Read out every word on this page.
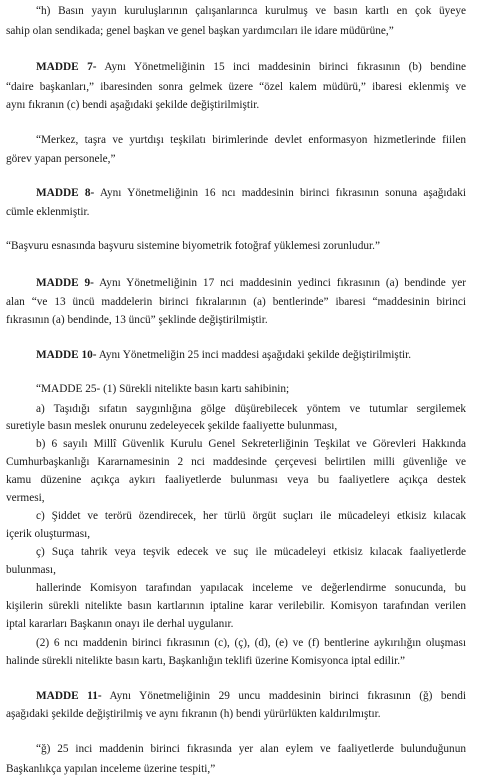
“h) Basın yayın kuruluşlarının çalışanlarınca kurulmuş ve basın kartlı en çok üyeye
sahip olan sendikada; genel başkan ve genel başkan yardımcıları ile idare müdürüne,”
MADDE 7- Aynı Yönetmeliğinin 15 inci maddesinin birinci fıkrasının (b) bendine
“daire başkanları,” ibaresinden sonra gelmek üzere “özel kalem müdürü,” ibaresi eklenmiş ve
aynı fıkranın (c) bendi aşağıdaki şekilde değiştirilmiştir.
“Merkez, taşra ve yurtdışı teşkilatı birimlerinde devlet enformasyon hizmetlerinde fiilen
görev yapan personele,”
MADDE 8- Aynı Yönetmeliğinin 16 ncı maddesinin birinci fıkrasının sonuna aşağıdaki
cümle eklenmiştir.
“Başvuru esnasında başvuru sistemine biyometrik fotoğraf yüklemesi zorunludur.”
MADDE 9- Aynı Yönetmeliğinin 17 nci maddesinin yedinci fıkrasının (a) bendinde yer
alan “ve 13 üncü maddelerin birinci fıkralarının (a) bentlerinde” ibaresi “maddesinin birinci
fıkrasının (a) bendinde, 13 üncü” şeklinde değiştirilmiştir.
MADDE 10- Aynı Yönetmeliğin 25 inci maddesi aşağıdaki şekilde değiştirilmiştir.
“MADDE 25- (1) Sürekli nitelikte basın kartı sahibinin;
a) Taşıdığı sıfatın saygınlığına gölge düşürebilecek yöntem ve tutumlar sergilemek
suretiyle basın meslek onurunu zedeleyecek şekilde faaliyette bulunması,
b) 6 sayılı Millî Güvenlik Kurulu Genel Sekreterliğinin Teşkilat ve Görevleri Hakkında
Cumhurbaşkanlığı Kararnamesinin 2 nci maddesinde çerçevesi belirtilen milli güvenliğe ve
kamu düzenine açıkça aykırı faaliyetlerde bulunması veya bu faaliyetlere açıkça destek
vermesi,
c) Şiddet ve terörü özendirecek, her türlü örgüt suçları ile mücadeleyi etkisiz kılacak
içerik oluşturması,
ç) Suça tahrik veya teşvik edecek ve suç ile mücadeleyi etkisiz kılacak faaliyetlerde
bulunması,
hallerinde Komisyon tarafından yapılacak inceleme ve değerlendirme sonucunda, bu
kişilerin sürekli nitelikte basın kartlarının iptaline karar verilebilir. Komisyon tarafından verilen
iptal kararları Başkanın onayı ile derhal uygulanır.
(2) 6 ncı maddenin birinci fıkrasının (c), (ç), (d), (e) ve (f) bentlerine aykırılığın oluşması
halinde sürekli nitelikte basın kartı, Başkanlığın teklifi üzerine Komisyonca iptal edilir.”
MADDE 11- Aynı Yönetmeliğinin 29 uncu maddesinin birinci fıkrasının (ğ) bendi
aşağıdaki şekilde değiştirilmiş ve aynı fıkranın (h) bendi yürürlükten kaldırılmıştır.
“ğ) 25 inci maddenin birinci fıkrasında yer alan eylem ve faaliyetlerde bulunduğunun
Başkanlıkça yapılan inceleme üzerine tespiti,”
